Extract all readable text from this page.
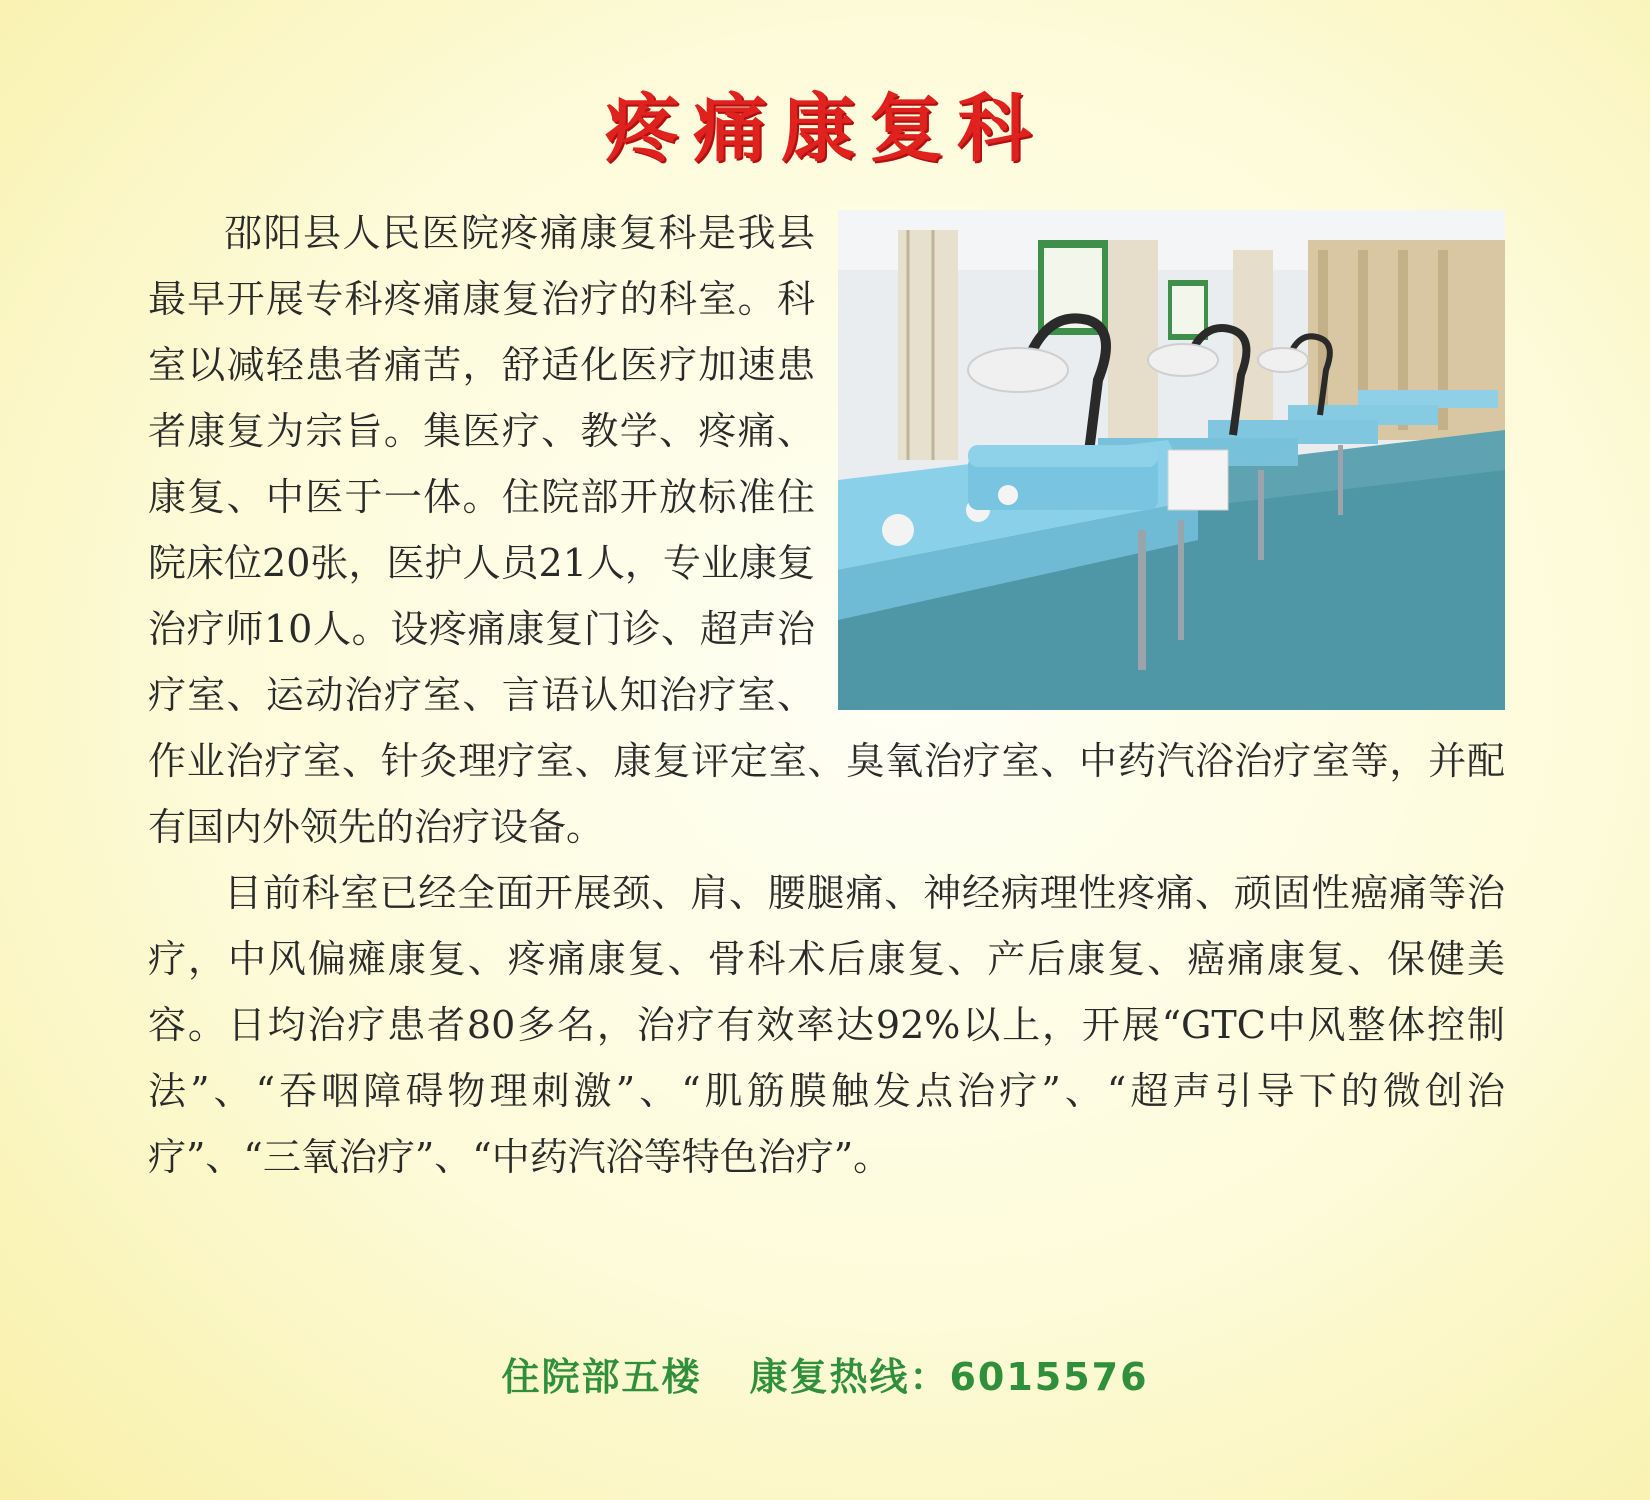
疼痛康复科

邵阳县人民医院疼痛康复科是我县最早开展专科疼痛康复治疗的科室。科室以减轻患者痛苦，舒适化医疗加速患者康复为宗旨。集医疗、教学、疼痛、康复、中医于一体。住院部开放标准住院床位20张，医护人员21人，专业康复治疗师10人。设疼痛康复门诊、超声治疗室、运动治疗室、言语认知治疗室、作业治疗室、针灸理疗室、康复评定室、臭氧治疗室、中药汽浴治疗室等，并配有国内外领先的治疗设备。

目前科室已经全面开展颈、肩、腰腿痛、神经病理性疼痛、顽固性癌痛等治疗，中风偏瘫康复、疼痛康复、骨科术后康复、产后康复、癌痛康复、保健美容。日均治疗患者80多名，治疗有效率达92%以上，开展“GTC中风整体控制法”、“吞咽障碍物理刺激”、“肌筋膜触发点治疗”、“超声引导下的微创治疗”、“三氧治疗”、“中药汽浴等特色治疗”。

住院部五楼 康复热线：6015576
